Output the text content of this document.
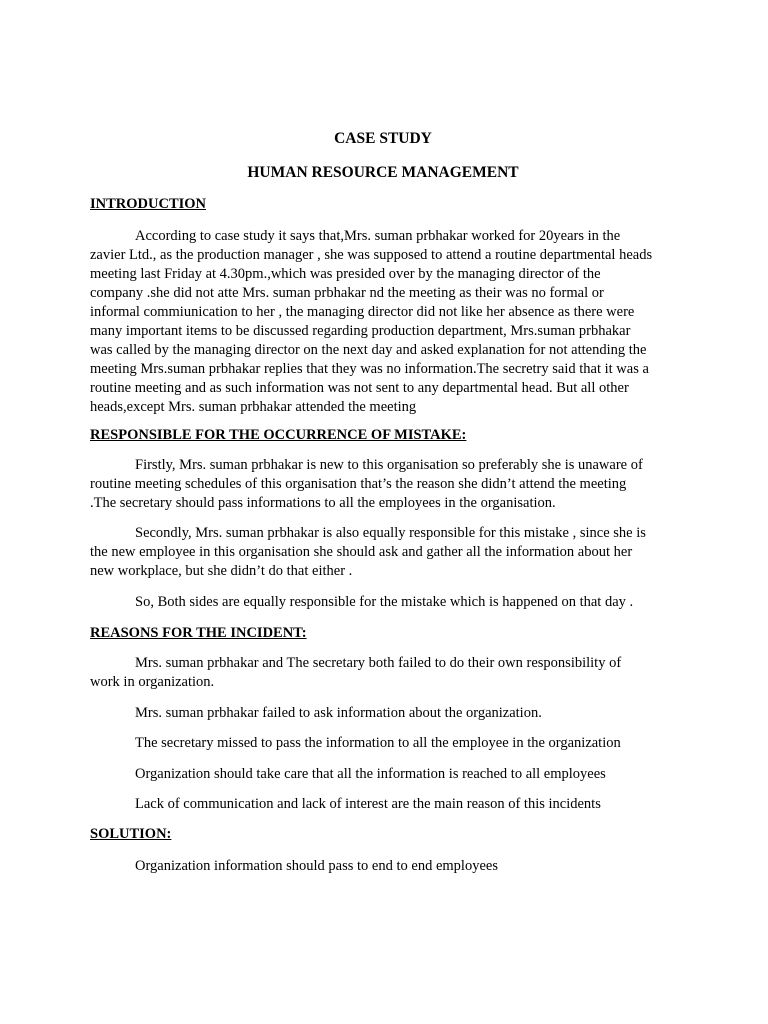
CASE STUDY
HUMAN RESOURCE MANAGEMENT
INTRODUCTION
According to case study it says that,Mrs. suman prbhakar worked for 20years in the
zavier Ltd., as the production manager , she was supposed to attend a routine departmental heads
meeting last Friday at 4.30pm.,which was presided over by the managing director of the
company .she did not atte Mrs. suman prbhakar nd the meeting as their was no formal or
informal commiunication to her , the managing director did not like her absence as there were
many important items to be discussed regarding production department, Mrs.suman prbhakar
was called by the managing director on the next day and asked explanation for not attending the
meeting Mrs.suman prbhakar replies that they was no information.The secretry said that it was a
routine meeting and as such information was not sent to any departmental head. But all other
heads,except Mrs. suman prbhakar attended the meeting
RESPONSIBLE FOR THE OCCURRENCE OF MISTAKE:
Firstly, Mrs. suman prbhakar is new to this organisation so preferably she is unaware of
routine meeting schedules of this organisation that’s the reason she didn’t attend the meeting
.The secretary should pass informations to all the employees in the organisation.
Secondly, Mrs. suman prbhakar is also equally responsible for this mistake , since she is
the new employee in this organisation she should ask and gather all the information about her
new workplace, but she didn’t do that either .
So, Both sides are equally responsible for the mistake which is happened on that day .
REASONS FOR THE INCIDENT:
Mrs. suman prbhakar and The secretary both failed to do their own responsibility of
work in organization.
Mrs. suman prbhakar failed to ask information about the organization.
The secretary missed to pass the information to all the employee in the organization
Organization should take care that all the information is reached to all employees
Lack of communication and lack of interest are the main reason of this incidents
SOLUTION:
Organization information should pass to end to end employees
